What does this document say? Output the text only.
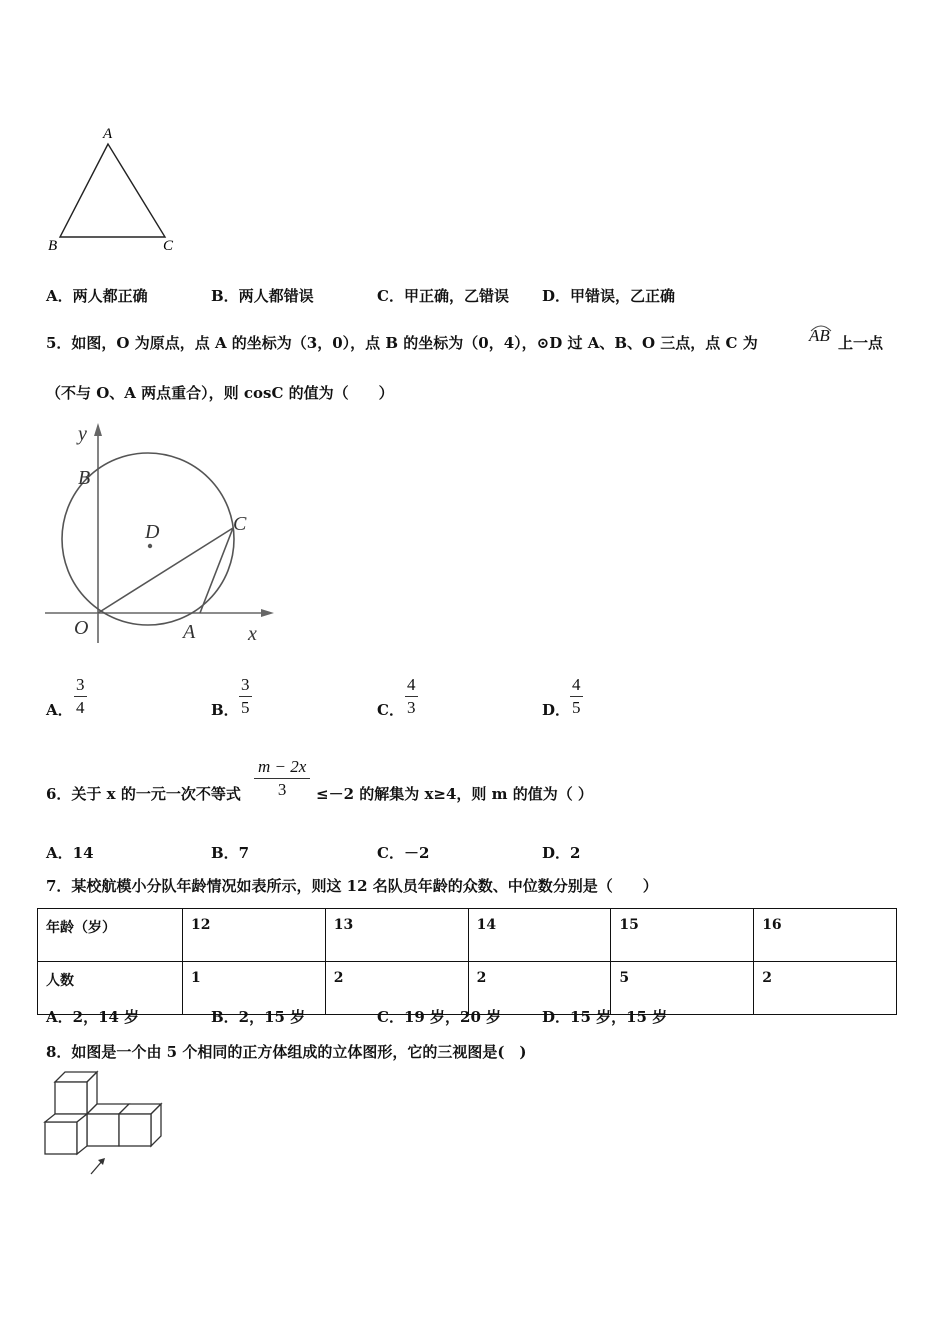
A
B	C
A．两人都正确	B．两人都错误	C．甲正确，乙错误 D．甲错误，乙正确
5．如图，O 为原点，点 A 的坐标为（3，0），点 B 的坐标为（0，4），⊙D 过 A、B、O 三点，点 C 为	AB 上一点
（不与 O、A 两点重合），则 cosC 的值为（　　）
y
B
D	C
O	A	x
A．
3
4	B．
3
5	C．
4
3	D．
4
5
6．关于 x 的一元一次不等式
m − 2x
3	≤－2 的解集为 x≥4，则 m 的值为（ ）
A．14	B．7	C．－2	D．2
7．某校航模小分队年龄情况如表所示，则这 12 名队员年龄的众数、中位数分别是（　　）
年龄（岁）	12	13	14	15	16
人数	1	2	2	5	2
A．2，14 岁	B．2，15 岁	C．19 岁，20 岁	D．15 岁，15 岁
8．如图是一个由 5 个相同的正方体组成的立体图形，它的三视图是(　)
